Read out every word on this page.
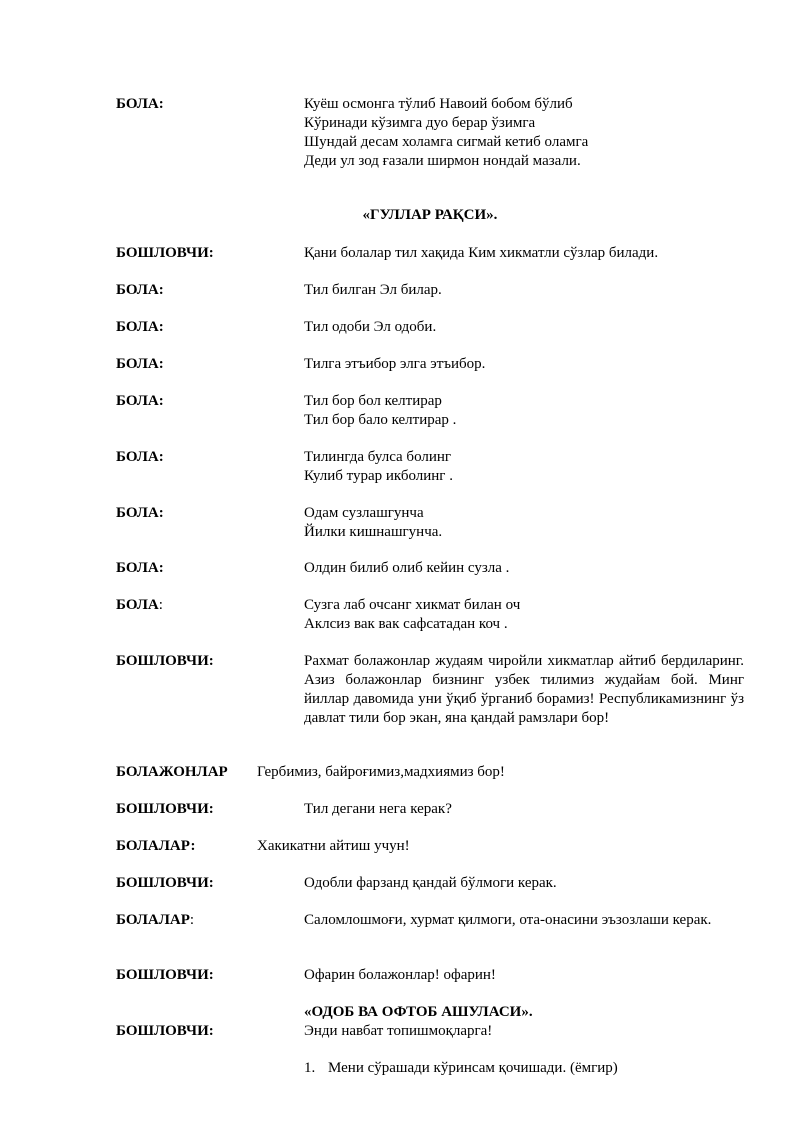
БОЛА:	Куёш осмонга тўлиб Навоий бобом бўлиб
Кўринади кўзимга дуо берар ўзимга
Шундай десам холамга сигмай кетиб оламга
Деди ул зод ғазали ширмон нондай мазали.
«ГУЛЛАР РАҚСИ».
БОШЛОВЧИ:	Қани болалар тил хақида Ким хикматли сўзлар билади.
БОЛА:	Тил билган Эл билар.
БОЛА:	Тил одоби Эл одоби.
БОЛА:	Тилга этъибор элга этъибор.
БОЛА:	Тил бор бол келтирар
Тил бор бало келтирар .
БОЛА:	Тилингда булса болинг
Кулиб турар икболинг .
БОЛА:	Одам сузлашгунча
Йилки кишнашгунча.
БОЛА:	Олдин билиб олиб кейин сузла .
БОЛА:	Сузга лаб очсанг хикмат билан оч
Аклсиз вак вак сафсатадан коч .
БОШЛОВЧИ:	Рахмат болажонлар жудаям чиройли хикматлар айтиб бердиларинг. Азиз болажонлар бизнинг узбек тилимиз жудайам бой. Минг йиллар давомида уни ўқиб ўрганиб борамиз! Республикамизнинг ўз давлат тили бор экан, яна қандай рамзлари бор!
БОЛАЖОНЛАР Гербимиз, байроғимиз,мадхиямиз бор!
БОШЛОВЧИ:	Тил дегани нега керак?
БОЛАЛАР:	Хакикатни айтиш учун!
БОШЛОВЧИ:	Одобли фарзанд қандай бўлмоги керак.
БОЛАЛАР:	Саломлошмоғи, хурмат қилмоги, ота-онасини эъзозлаши керак.
БОШЛОВЧИ:	Офарин болажонлар! офарин!
«ОДОБ ВА ОФТОБ АШУЛАСИ».
БОШЛОВЧИ:	Энди навбат топишмоқларга!
1. Мени сўрашади кўринсам қочишади. (ёмгир)
